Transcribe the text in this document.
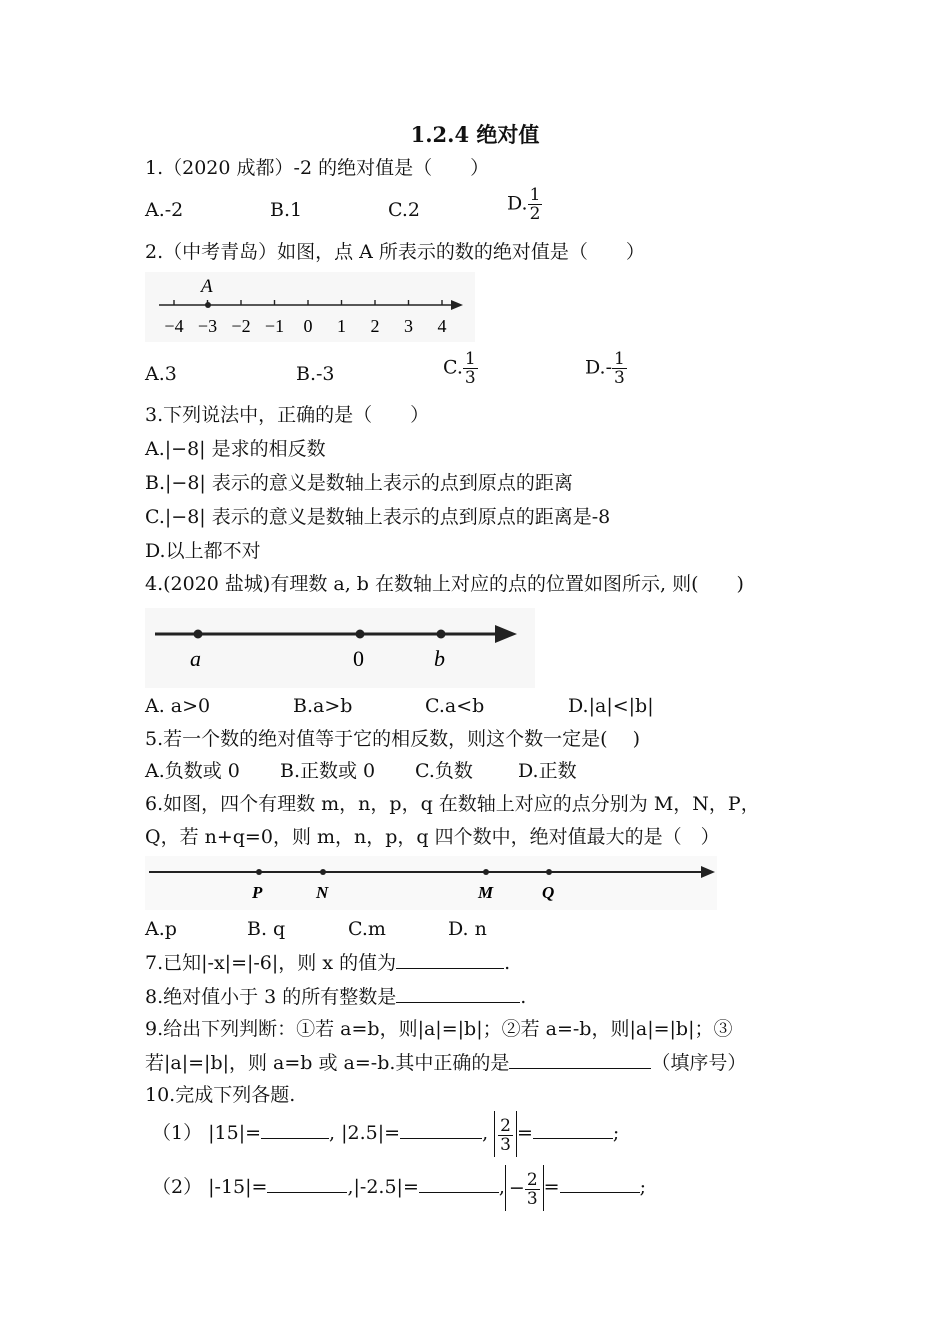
1.2.4 绝对值
1.（2020 成都）-2 的绝对值是（　　）
A.-2	B.1	C.2	D. $\frac{1}{2}$
2.（中考青岛）如图，点 A 所表示的数的绝对值是（　　）
−4 −3 −2 −1 0 1 2 3 4
A
A.3	B.-3	C. $\frac{1}{3}$	$D.- \frac{1}{3}$
3.下列说法中，正确的是（　　）
A.|−8| 是求的相反数
B.|−8| 表示的意义是数轴上表示的点到原点的距离
C.|−8| 表示的意义是数轴上表示的点到原点的距离是-8
D.以上都不对
4.(2020 盐城)有理数 a, b 在数轴上对应的点的位置如图所示, 则(　　)
a	0	b
A. a>0	B.a>b	C.a<b	D.|a|<|b|
5.若一个数的绝对值等于它的相反数，则这个数一定是(　 )
A.负数或 0 B.正数或 0 C.负数 D.正数
6.如图，四个有理数 m，n，p，q 在数轴上对应的点分别为 M，N，P，
Q，若 n+q=0，则 m，n，p，q 四个数中，绝对值最大的是（　）
P	N	M	Q
A.p	B. q	C.m	D. n
7.已知|-x|=|-6|，则 x 的值为	.
8.绝对值小于 3 的所有整数是	.
9.给出下列判断：①若 a=b，则|a|=|b|；②若 a=-b，则|a|=|b|；③
若|a|=|b|，则 a=b 或 a=-b.其中正确的是	（填序号）
10.完成下列各题.
（1） |15|=	, |2.5|=	, $\frac{2}{3}$ =	;
（2） |-15|=	,|-2.5|=	, − $\frac{2}{3}$ =	;
